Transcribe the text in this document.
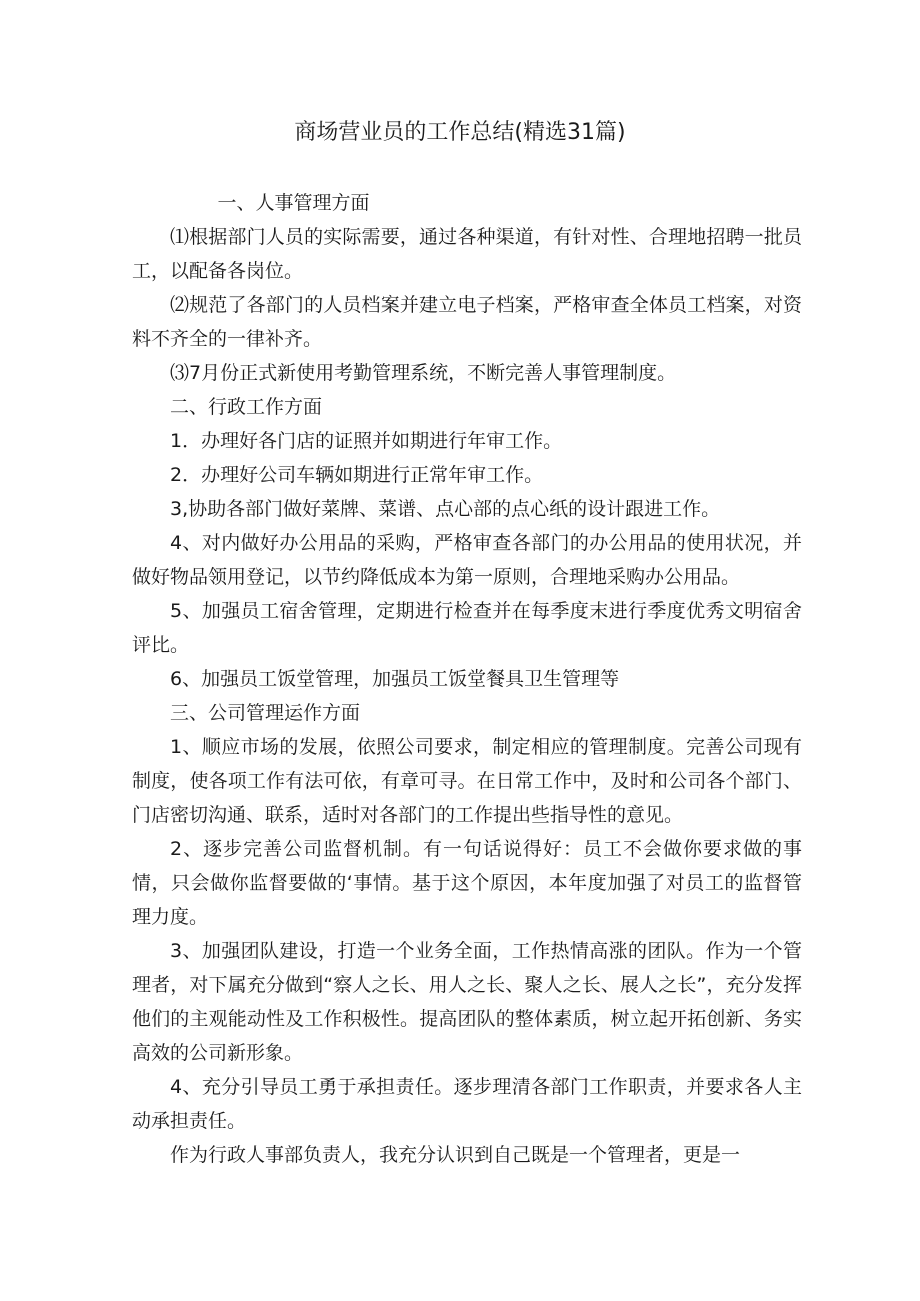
商场营业员的工作总结(精选31篇)

一、人事管理方面

⑴根据部门人员的实际需要，通过各种渠道，有针对性、合理地招聘一批员工，以配备各岗位。

⑵规范了各部门的人员档案并建立电子档案，严格审查全体员工档案，对资料不齐全的一律补齐。

⑶7月份正式新使用考勤管理系统，不断完善人事管理制度。

二、行政工作方面

1．办理好各门店的证照并如期进行年审工作。

2．办理好公司车辆如期进行正常年审工作。

3,协助各部门做好菜牌、菜谱、点心部的点心纸的设计跟进工作。

4、对内做好办公用品的采购，严格审查各部门的办公用品的使用状况，并做好物品领用登记，以节约降低成本为第一原则，合理地采购办公用品。

5、加强员工宿舍管理，定期进行检查并在每季度末进行季度优秀文明宿舍评比。

6、加强员工饭堂管理，加强员工饭堂餐具卫生管理等

三、公司管理运作方面

1、顺应市场的发展，依照公司要求，制定相应的管理制度。完善公司现有制度，使各项工作有法可依，有章可寻。在日常工作中，及时和公司各个部门、门店密切沟通、联系，适时对各部门的工作提出些指导性的意见。

2、逐步完善公司监督机制。有一句话说得好：员工不会做你要求做的事情，只会做你监督要做的‘事情。基于这个原因，本年度加强了对员工的监督管理力度。

3、加强团队建设，打造一个业务全面，工作热情高涨的团队。作为一个管理者，对下属充分做到“察人之长、用人之长、聚人之长、展人之长”，充分发挥他们的主观能动性及工作积极性。提高团队的整体素质，树立起开拓创新、务实高效的公司新形象。

4、充分引导员工勇于承担责任。逐步理清各部门工作职责，并要求各人主动承担责任。

作为行政人事部负责人，我充分认识到自己既是一个管理者，更是一
